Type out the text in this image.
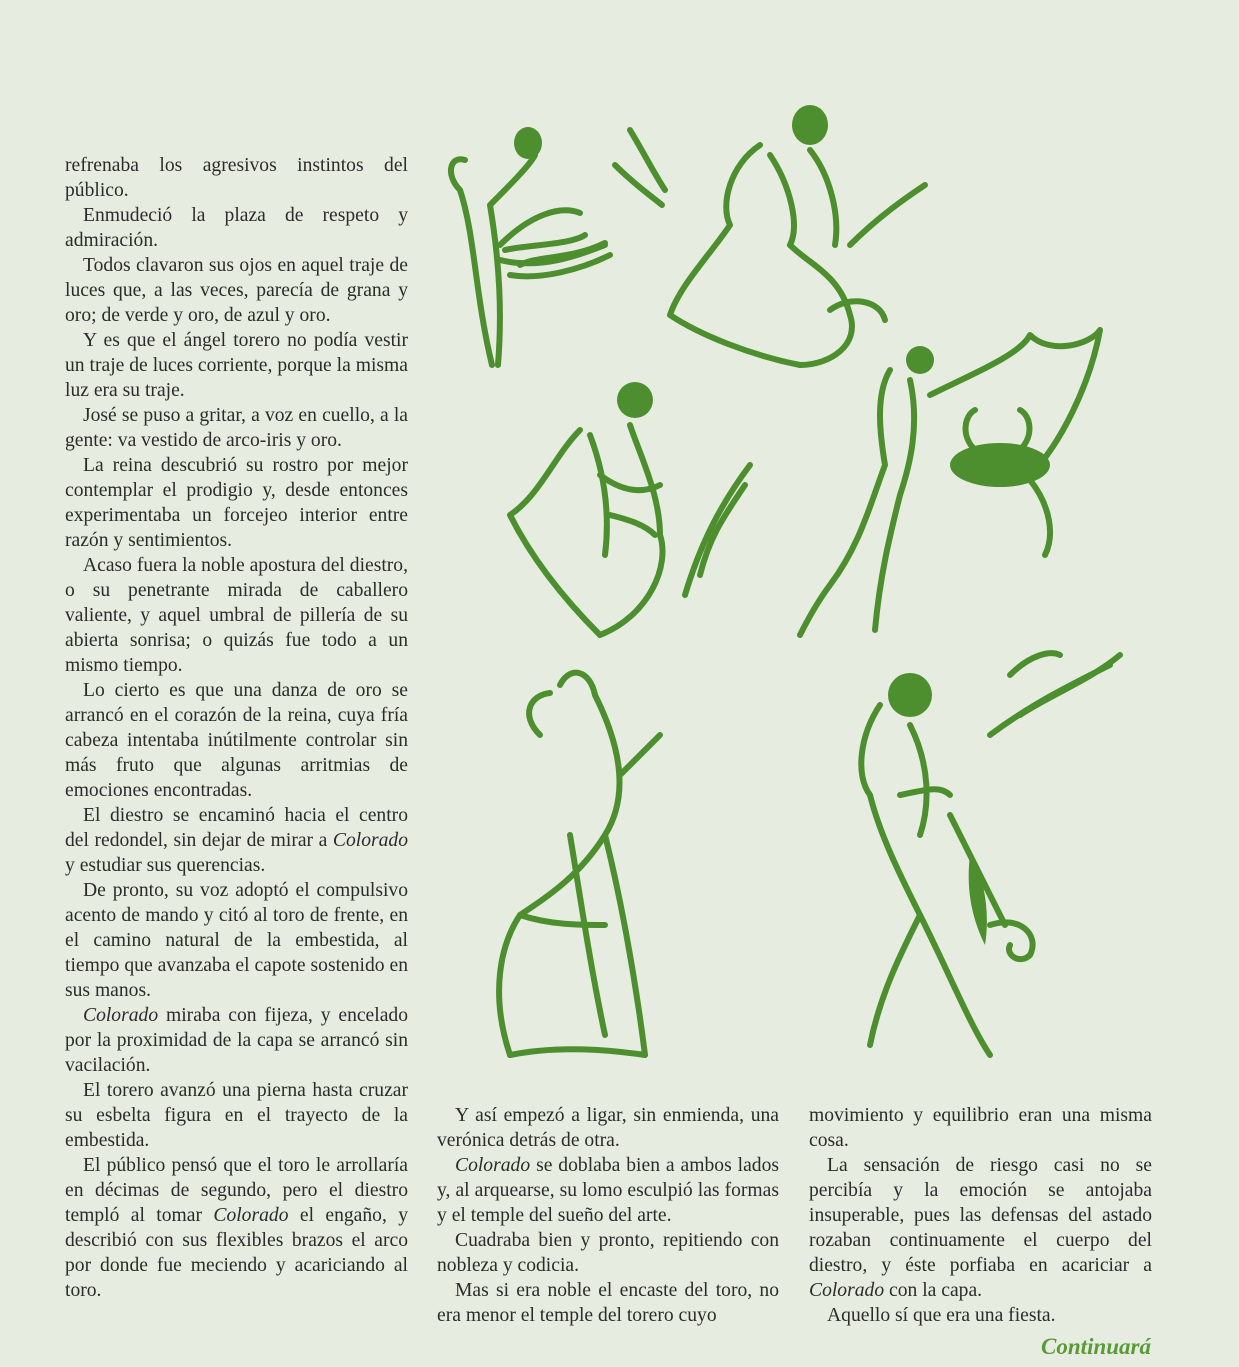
refrenaba los agresivos instintos del público.

Enmudeció la plaza de respeto y admiración.

Todos clavaron sus ojos en aquel traje de luces que, a las veces, parecía de grana y oro; de verde y oro, de azul y oro.

Y es que el ángel torero no podía vestir un traje de luces corriente, porque la misma luz era su traje.

José se puso a gritar, a voz en cuello, a la gente: va vestido de arco-iris y oro.

La reina descubrió su rostro por mejor contemplar el prodigio y, desde entonces experimentaba un forcejeo interior entre razón y sentimientos.

Acaso fuera la noble apostura del diestro, o su penetrante mirada de caballero valiente, y aquel umbral de pillería de su abierta sonrisa; o quizás fue todo a un mismo tiempo.

Lo cierto es que una danza de oro se arrancó en el corazón de la reina, cuya fría cabeza intentaba inútilmente controlar sin más fruto que algunas arritmias de emociones encontradas.

El diestro se encaminó hacia el centro del redondel, sin dejar de mirar a Colorado y estudiar sus querencias.

De pronto, su voz adoptó el compulsivo acento de mando y citó al toro de frente, en el camino natural de la embestida, al tiempo que avanzaba el capote sostenido en sus manos.

Colorado miraba con fijeza, y encelado por la proximidad de la capa se arrancó sin vacilación.

El torero avanzó una pierna hasta cruzar su esbelta figura en el trayecto de la embestida.

El público pensó que el toro le arrollaría en décimas de segundo, pero el diestro templó al tomar Colorado el engaño, y describió con sus flexibles brazos el arco por donde fue meciendo y acariciando al toro.

Y así empezó a ligar, sin enmienda, una verónica detrás de otra.

Colorado se doblaba bien a ambos lados y, al arquearse, su lomo esculpió las formas y el temple del sueño del arte.

Cuadraba bien y pronto, repitiendo con nobleza y codicia.

Mas si era noble el encaste del toro, no era menor el temple del torero cuyo

movimiento y equilibrio eran una misma cosa.

La sensación de riesgo casi no se percibía y la emoción se antojaba insuperable, pues las defensas del astado rozaban continuamente el cuerpo del diestro, y éste porfiaba en acariciar a Colorado con la capa.

Aquello sí que era una fiesta.

Continuará
